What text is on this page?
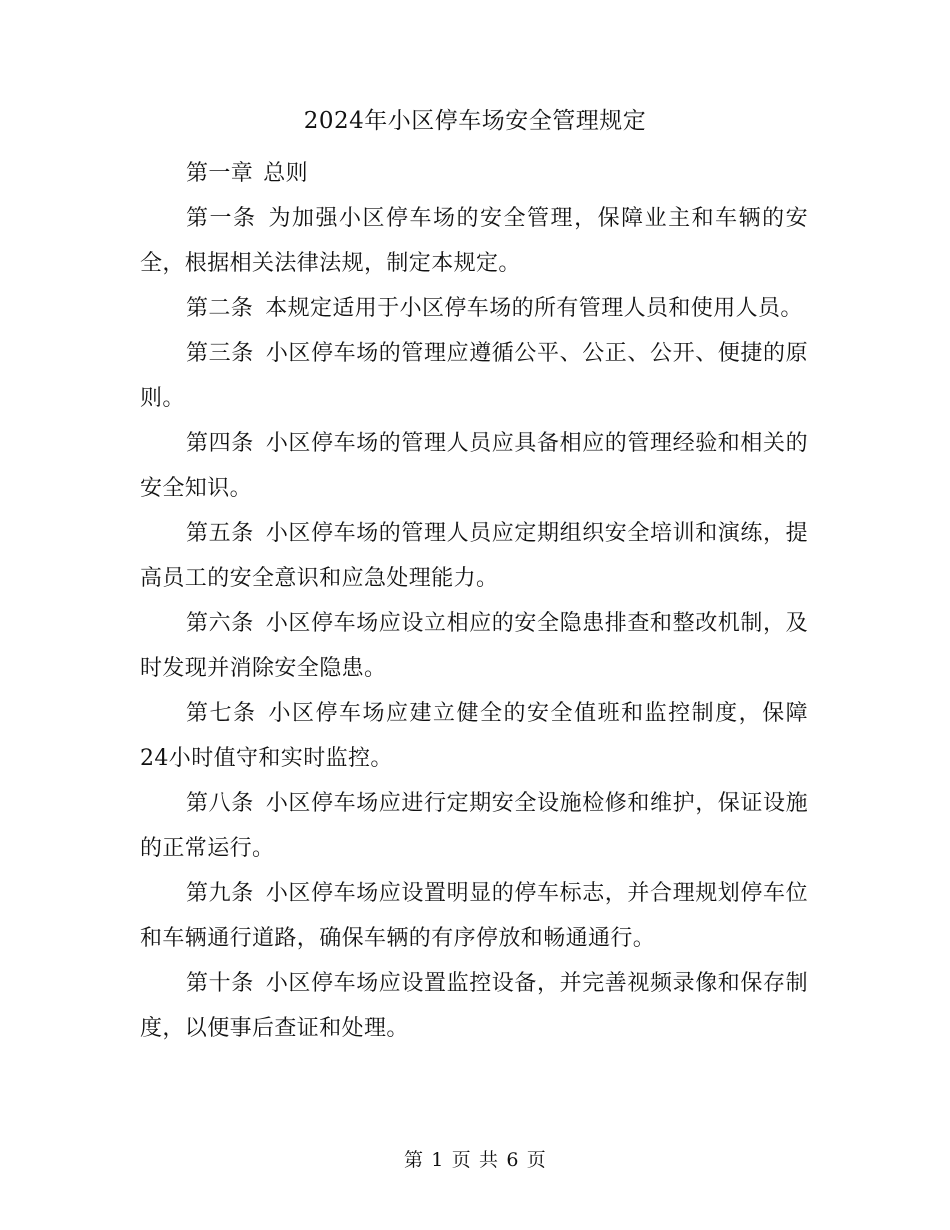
2024年小区停车场安全管理规定

第一章 总则

第一条 为加强小区停车场的安全管理，保障业主和车辆的安全，根据相关法律法规，制定本规定。

第二条 本规定适用于小区停车场的所有管理人员和使用人员。

第三条 小区停车场的管理应遵循公平、公正、公开、便捷的原则。

第四条 小区停车场的管理人员应具备相应的管理经验和相关的安全知识。

第五条 小区停车场的管理人员应定期组织安全培训和演练，提高员工的安全意识和应急处理能力。

第六条 小区停车场应设立相应的安全隐患排查和整改机制，及时发现并消除安全隐患。

第七条 小区停车场应建立健全的安全值班和监控制度，保障24小时值守和实时监控。

第八条 小区停车场应进行定期安全设施检修和维护，保证设施的正常运行。

第九条 小区停车场应设置明显的停车标志，并合理规划停车位和车辆通行道路，确保车辆的有序停放和畅通通行。

第十条 小区停车场应设置监控设备，并完善视频录像和保存制度，以便事后查证和处理。

第 1 页 共 6 页
